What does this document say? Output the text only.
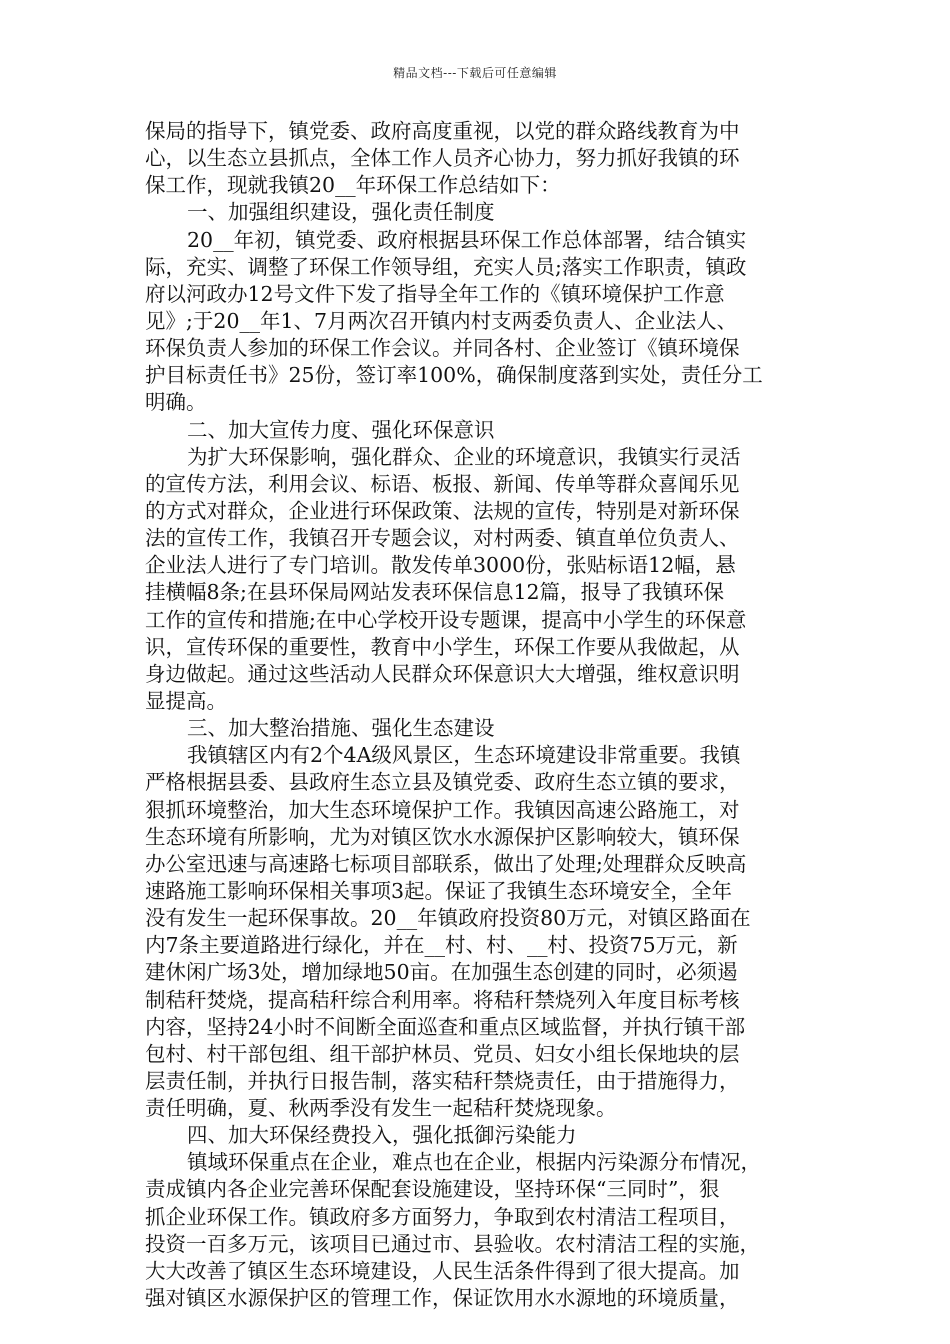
精品文档---下载后可任意编辑
保局的指导下，镇党委、政府高度重视，以党的群众路线教育为中
心，以生态立县抓点，全体工作人员齐心协力，努力抓好我镇的环
保工作，现就我镇20__年环保工作总结如下：
一、加强组织建设，强化责任制度
20__年初，镇党委、政府根据县环保工作总体部署，结合镇实
际，充实、调整了环保工作领导组，充实人员;落实工作职责，镇政
府以河政办12号文件下发了指导全年工作的《镇环境保护工作意
见》;于20__年1、7月两次召开镇内村支两委负责人、企业法人、
环保负责人参加的环保工作会议。并同各村、企业签订《镇环境保
护目标责任书》25份，签订率100%，确保制度落到实处，责任分工
明确。
二、加大宣传力度、强化环保意识
为扩大环保影响，强化群众、企业的环境意识，我镇实行灵活
的宣传方法，利用会议、标语、板报、新闻、传单等群众喜闻乐见
的方式对群众，企业进行环保政策、法规的宣传，特别是对新环保
法的宣传工作，我镇召开专题会议，对村两委、镇直单位负责人、
企业法人进行了专门培训。散发传单3000份，张贴标语12幅，悬
挂横幅8条;在县环保局网站发表环保信息12篇，报导了我镇环保
工作的宣传和措施;在中心学校开设专题课，提高中小学生的环保意
识，宣传环保的重要性，教育中小学生，环保工作要从我做起，从
身边做起。通过这些活动人民群众环保意识大大增强，维权意识明
显提高。
三、加大整治措施、强化生态建设
我镇辖区内有2个4A级风景区，生态环境建设非常重要。我镇
严格根据县委、县政府生态立县及镇党委、政府生态立镇的要求，
狠抓环境整治，加大生态环境保护工作。我镇因高速公路施工，对
生态环境有所影响，尤为对镇区饮水水源保护区影响较大，镇环保
办公室迅速与高速路七标项目部联系，做出了处理;处理群众反映高
速路施工影响环保相关事项3起。保证了我镇生态环境安全，全年
没有发生一起环保事故。20__年镇政府投资80万元，对镇区路面在
内7条主要道路进行绿化，并在__村、村、__村、投资75万元，新
建休闲广场3处，增加绿地50亩。在加强生态创建的同时，必须遏
制秸秆焚烧，提高秸秆综合利用率。将秸秆禁烧列入年度目标考核
内容，坚持24小时不间断全面巡查和重点区域监督，并执行镇干部
包村、村干部包组、组干部护林员、党员、妇女小组长保地块的层
层责任制，并执行日报告制，落实秸秆禁烧责任，由于措施得力，
责任明确，夏、秋两季没有发生一起秸秆焚烧现象。
四、加大环保经费投入，强化抵御污染能力
镇域环保重点在企业，难点也在企业，根据内污染源分布情况，
责成镇内各企业完善环保配套设施建设，坚持环保“三同时”，狠
抓企业环保工作。镇政府多方面努力，争取到农村清洁工程项目，
投资一百多万元，该项目已通过市、县验收。农村清洁工程的实施，
大大改善了镇区生态环境建设，人民生活条件得到了很大提高。加
强对镇区水源保护区的管理工作，保证饮用水水源地的环境质量，
